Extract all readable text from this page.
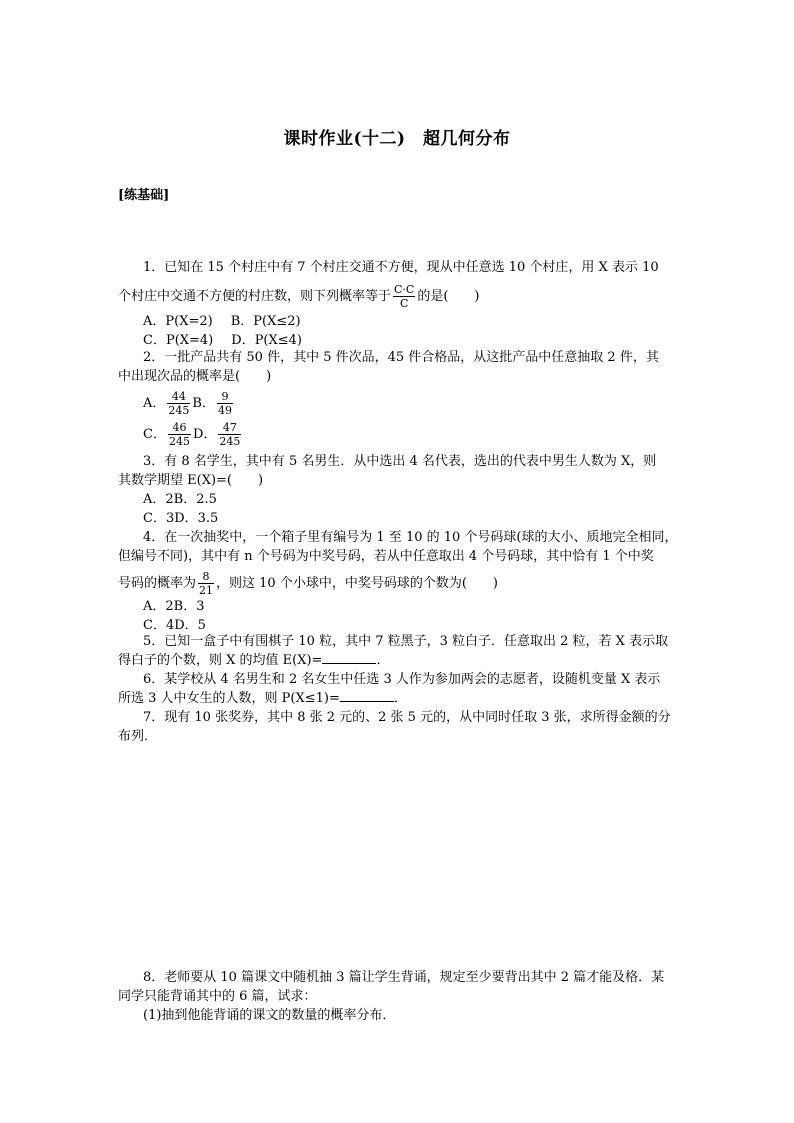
课时作业(十二)　超几何分布
[练基础]
1．已知在 15 个村庄中有 7 个村庄交通不方便，现从中任意选 10 个村庄，用 X 表示 10
个村庄中交通不方便的村庄数，则下列概率等于 $\frac{C\cdot C}{C}$ 的是(　　)
A．P(X=2) B．P(X≤2)
C．P(X=4) D．P(X≤4)
2．一批产品共有 50 件，其中 5 件次品，45 件合格品，从这批产品中任意抽取 2 件，其
中出现次品的概率是(　　)
A． $\frac{44}{245}$ B． $\frac{9}{49}$
C． $\frac{46}{245}$ D． $\frac{47}{245}$
3．有 8 名学生，其中有 5 名男生．从中选出 4 名代表，选出的代表中男生人数为 X，则
其数学期望 E(X)=(　　)
A．2B．2.5
C．3D．3.5
4．在一次抽奖中，一个箱子里有编号为 1 至 10 的 10 个号码球(球的大小、质地完全相同，
但编号不同)，其中有 n 个号码为中奖号码，若从中任意取出 4 个号码球，其中恰有 1 个中奖
号码的概率为 $\frac{8}{21}$ ，则这 10 个小球中，中奖号码球的个数为(　　)
A．2B．3
C．4D．5
5．已知一盒子中有围棋子 10 粒，其中 7 粒黑子，3 粒白子．任意取出 2 粒，若 X 表示取
得白子的个数，则 X 的均值 E(X)=	．
6．某学校从 4 名男生和 2 名女生中任选 3 人作为参加两会的志愿者，设随机变量 X 表示
所选 3 人中女生的人数，则 P(X≤1)=	．
7．现有 10 张奖券，其中 8 张 2 元的、2 张 5 元的，从中同时任取 3 张，求所得金额的分
布列．
8．老师要从 10 篇课文中随机抽 3 篇让学生背诵，规定至少要背出其中 2 篇才能及格．某
同学只能背诵其中的 6 篇，试求：
(1)抽到他能背诵的课文的数量的概率分布．
